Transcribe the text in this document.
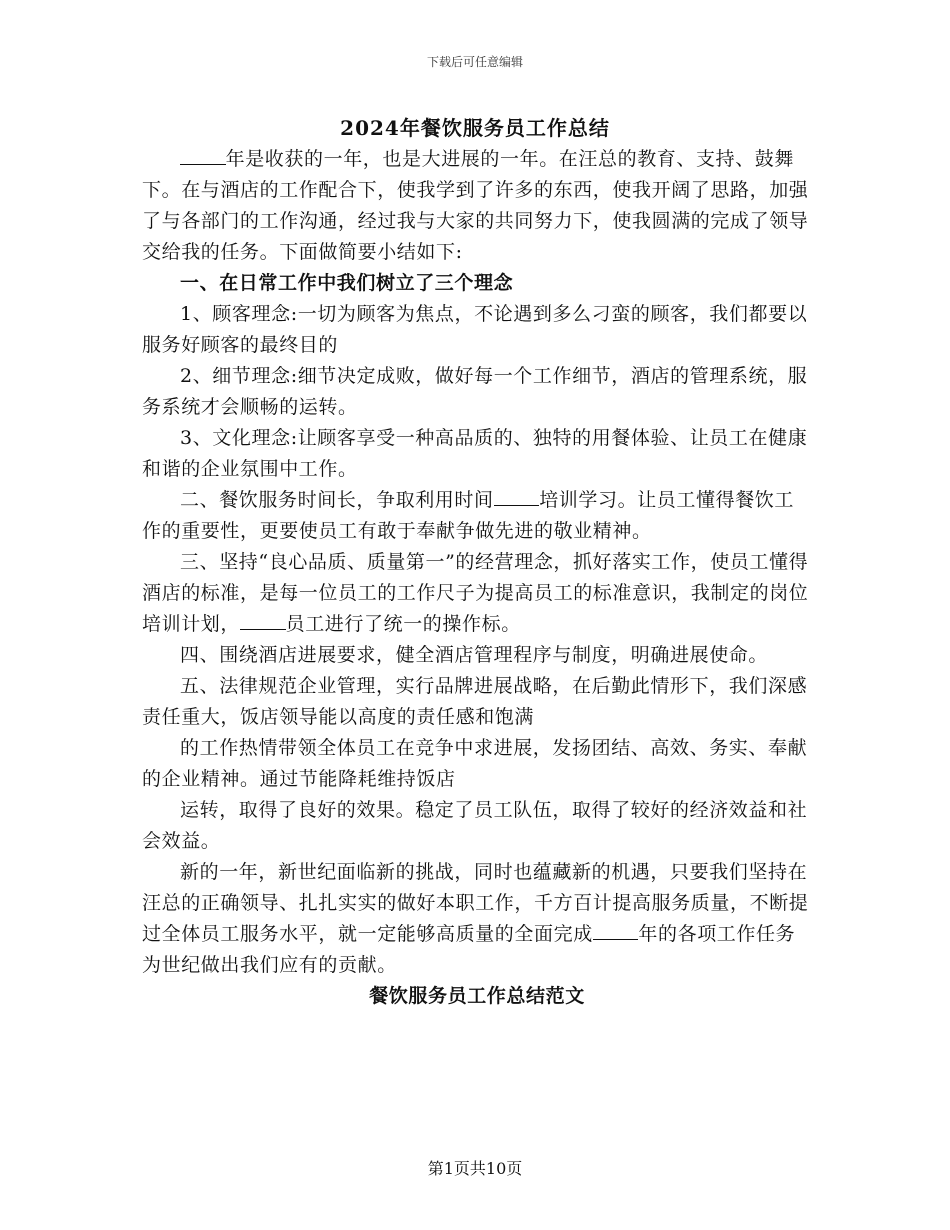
下载后可任意编辑
2024年餐饮服务员工作总结

年是收获的一年，也是大进展的一年。在汪总的教育、支持、鼓舞下。在与酒店的工作配合下，使我学到了许多的东西，使我开阔了思路，加强了与各部门的工作沟通，经过我与大家的共同努力下，使我圆满的完成了领导交给我的任务。下面做简要小结如下:

一、在日常工作中我们树立了三个理念

1、顾客理念:一切为顾客为焦点，不论遇到多么刁蛮的顾客，我们都要以服务好顾客的最终目的

2、细节理念:细节决定成败，做好每一个工作细节，酒店的管理系统，服务系统才会顺畅的运转。

3、文化理念:让顾客享受一种高品质的、独特的用餐体验、让员工在健康和谐的企业氛围中工作。

二、餐饮服务时间长，争取利用时间 培训学习。让员工懂得餐饮工作的重要性，更要使员工有敢于奉献争做先进的敬业精神。

三、坚持“良心品质、质量第一”的经营理念，抓好落实工作，使员工懂得酒店的标准，是每一位员工的工作尺子为提高员工的标准意识，我制定的岗位培训计划， 员工进行了统一的操作标。

四、围绕酒店进展要求，健全酒店管理程序与制度，明确进展使命。

五、法律规范企业管理，实行品牌进展战略，在后勤此情形下，我们深感责任重大，饭店领导能以高度的责任感和饱满

的工作热情带领全体员工在竞争中求进展，发扬团结、高效、务实、奉献的企业精神。通过节能降耗维持饭店

运转，取得了良好的效果。稳定了员工队伍，取得了较好的经济效益和社会效益。

新的一年，新世纪面临新的挑战，同时也蕴藏新的机遇，只要我们坚持在汪总的正确领导、扎扎实实的做好本职工作，千方百计提高服务质量，不断提过全体员工服务水平，就一定能够高质量的全面完成 年的各项工作任务为世纪做出我们应有的贡献。

餐饮服务员工作总结范文

第1页共10页
